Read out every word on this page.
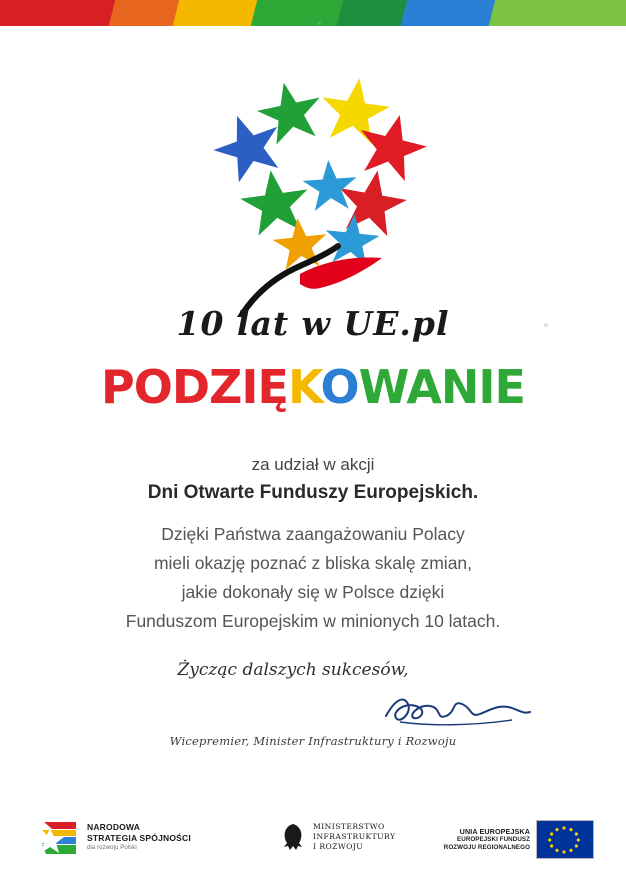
10 lat w UE.pl
PODZIĘKOWANIE
za udział w akcji
Dni Otwarte Funduszy Europejskich.
Dzięki Państwa zaangażowaniu Polacy
mieli okazję poznać z bliska skalę zmian,
jakie dokonały się w Polsce dzięki
Funduszom Europejskim w minionych 10 latach.
Życząc dalszych sukcesów,
Wicepremier, Minister Infrastruktury i Rozwoju
NARODOWA
STRATEGIA SPÓJNOŚCI
dla rozwoju Polski
MINISTERSTWO
INFRASTRUKTURY
I ROZWOJU
UNIA EUROPEJSKA
EUROPEJSKI FUNDUSZ
ROZWOJU REGIONALNEGO
